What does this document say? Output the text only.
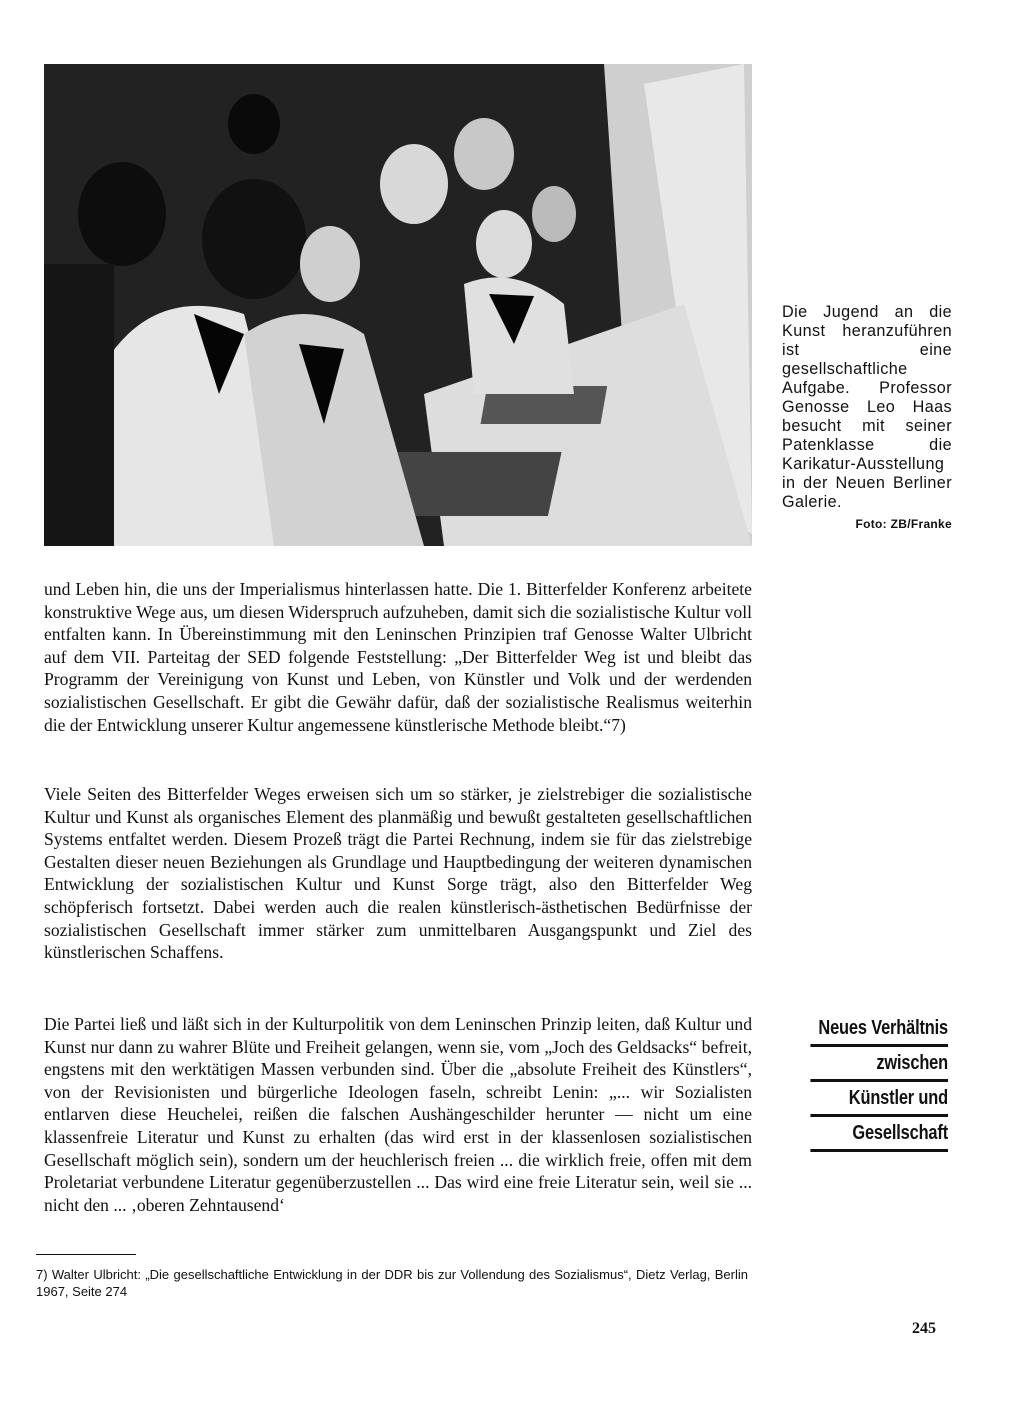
Die Jugend an die Kunst heranzuführen ist eine gesellschaftliche Aufgabe. Professor Genosse Leo Haas besucht mit seiner Patenklasse die Karikatur-Ausstellung in der Neuen Berliner Galerie.
Foto: ZB/Franke

und Leben hin, die uns der Imperialismus hinterlassen hatte. Die 1. Bitterfelder Konferenz arbeitete konstruktive Wege aus, um diesen Widerspruch aufzuheben, damit sich die sozialistische Kultur voll entfalten kann. In Übereinstimmung mit den Leninschen Prinzipien traf Genosse Walter Ulbricht auf dem VII. Parteitag der SED folgende Feststellung: „Der Bitterfelder Weg ist und bleibt das Programm der Vereinigung von Kunst und Leben, von Künstler und Volk und der werdenden sozialistischen Gesellschaft. Er gibt die Gewähr dafür, daß der sozialistische Realismus weiterhin die der Entwicklung unserer Kultur angemessene künstlerische Methode bleibt.“7)

Viele Seiten des Bitterfelder Weges erweisen sich um so stärker, je zielstrebiger die sozialistische Kultur und Kunst als organisches Element des planmäßig und bewußt gestalteten gesellschaftlichen Systems entfaltet werden. Diesem Prozeß trägt die Partei Rechnung, indem sie für das zielstrebige Gestalten dieser neuen Beziehungen als Grundlage und Hauptbedingung der weiteren dynamischen Entwicklung der sozialistischen Kultur und Kunst Sorge trägt, also den Bitterfelder Weg schöpferisch fortsetzt. Dabei werden auch die realen künstlerisch-ästhetischen Bedürfnisse der sozialistischen Gesellschaft immer stärker zum unmittelbaren Ausgangspunkt und Ziel des künstlerischen Schaffens.

Die Partei ließ und läßt sich in der Kulturpolitik von dem Leninschen Prinzip leiten, daß Kultur und Kunst nur dann zu wahrer Blüte und Freiheit gelangen, wenn sie, vom „Joch des Geldsacks“ befreit, engstens mit den werktätigen Massen verbunden sind. Über die „absolute Freiheit des Künstlers“, von der Revisionisten und bürgerliche Ideologen faseln, schreibt Lenin: „... wir Sozialisten entlarven diese Heuchelei, reißen die falschen Aushängeschilder herunter — nicht um eine klassenfreie Literatur und Kunst zu erhalten (das wird erst in der klassenlosen sozialistischen Gesellschaft möglich sein), sondern um der heuchlerisch freien ... die wirklich freie, offen mit dem Proletariat verbundene Literatur gegenüberzustellen ... Das wird eine freie Literatur sein, weil sie ... nicht den ... ‚oberen Zehntausend‘

Neues Verhältnis
zwischen
Künstler und
Gesellschaft

7) Walter Ulbricht: „Die gesellschaftliche Entwicklung in der DDR bis zur Vollendung des Sozialismus“, Dietz Verlag, Berlin 1967, Seite 274

245
